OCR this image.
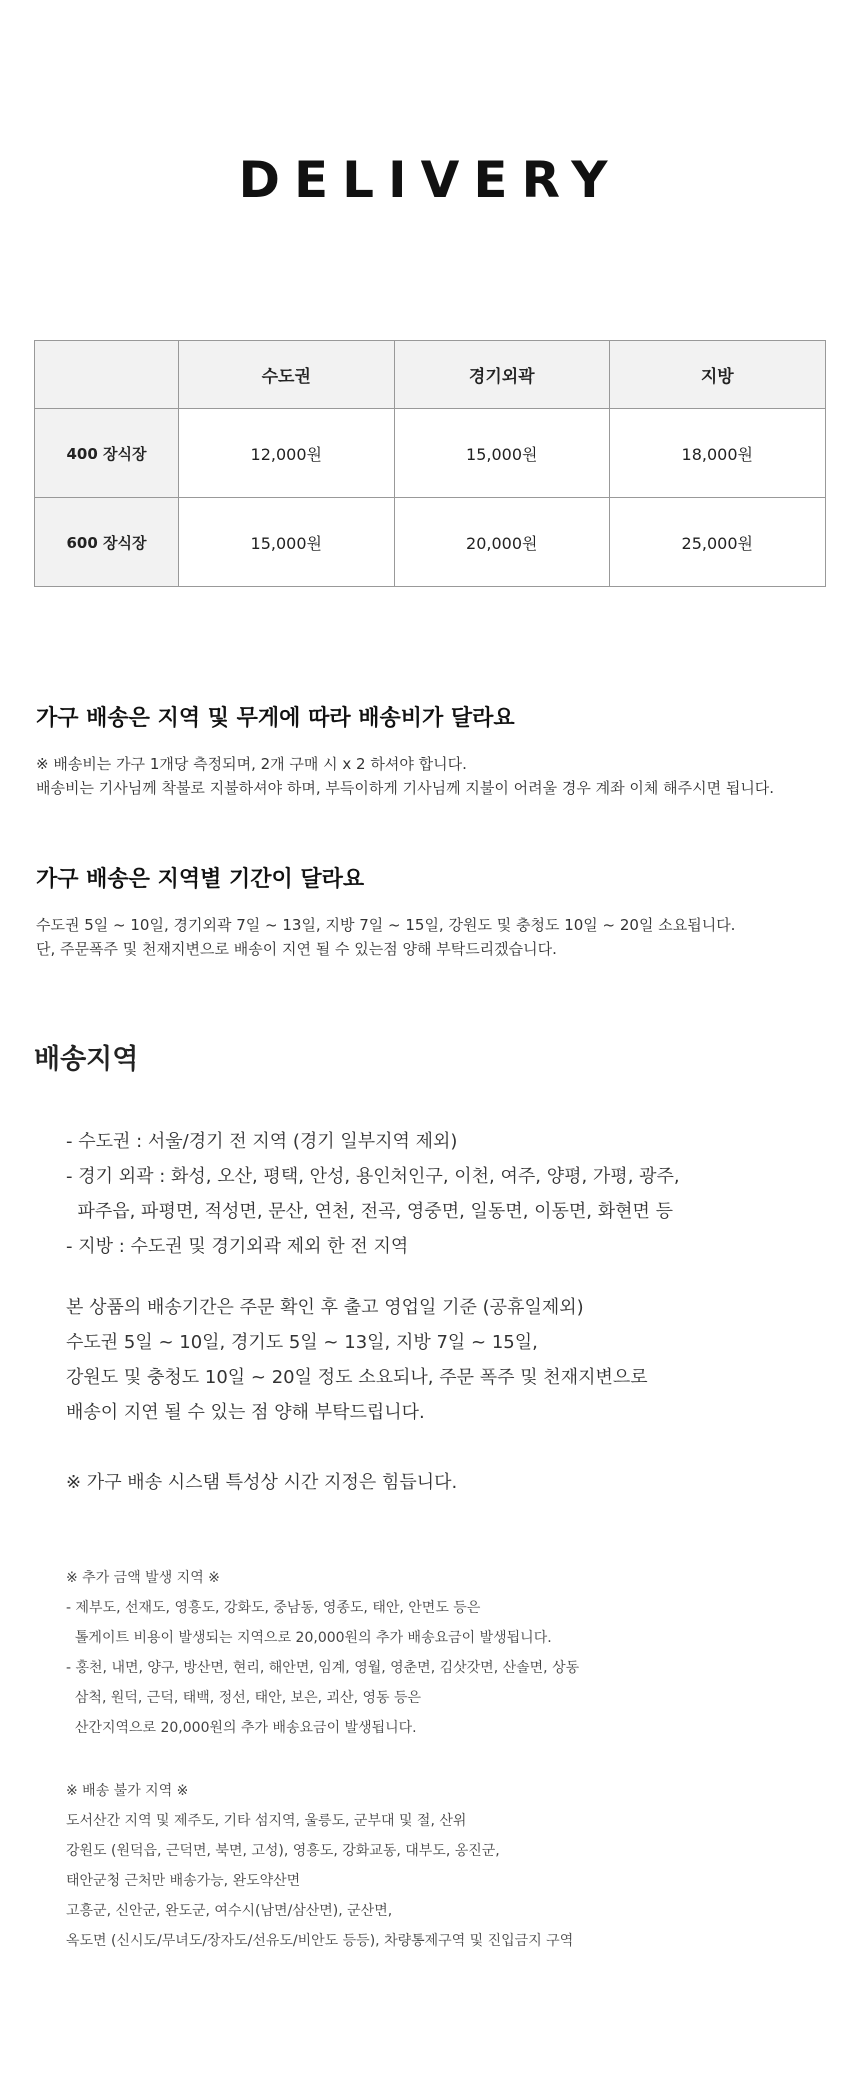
DELIVERY
	수도권	경기외곽	지방
400 장식장	12,000원	15,000원	18,000원
600 장식장	15,000원	20,000원	25,000원
가구 배송은 지역 및 무게에 따라 배송비가 달라요

※ 배송비는 가구 1개당 측정되며, 2개 구매 시 x 2 하셔야 합니다.
배송비는 기사님께 착불로 지불하셔야 하며, 부득이하게 기사님께 지불이 어려울 경우 계좌 이체 해주시면 됩니다.

가구 배송은 지역별 기간이 달라요

수도권 5일 ~ 10일, 경기외곽 7일 ~ 13일, 지방 7일 ~ 15일, 강원도 및 충청도 10일 ~ 20일 소요됩니다.
단, 주문폭주 및 천재지변으로 배송이 지연 될 수 있는점 양해 부탁드리겠습니다.

배송지역
- 수도권 : 서울/경기 전 지역 (경기 일부지역 제외)
- 경기 외곽 : 화성, 오산, 평택, 안성, 용인처인구, 이천, 여주, 양평, 가평, 광주,
파주읍, 파평면, 적성면, 문산, 연천, 전곡, 영중면, 일동면, 이동면, 화현면 등
- 지방 : 수도권 및 경기외곽 제외 한 전 지역
본 상품의 배송기간은 주문 확인 후 출고 영업일 기준 (공휴일제외)
수도권 5일 ~ 10일, 경기도 5일 ~ 13일, 지방 7일 ~ 15일,
강원도 및 충청도 10일 ~ 20일 정도 소요되나, 주문 폭주 및 천재지변으로
배송이 지연 될 수 있는 점 양해 부탁드립니다.
※ 가구 배송 시스탬 특성상 시간 지정은 힘듭니다.
※ 추가 금액 발생 지역 ※
- 제부도, 선재도, 영흥도, 강화도, 중남동, 영종도, 태안, 안면도 등은
톨게이트 비용이 발생되는 지역으로 20,000원의 추가 배송요금이 발생됩니다.
- 홍천, 내면, 양구, 방산면, 현리, 해안면, 임계, 영월, 영춘면, 김삿갓면, 산솔면, 상동
삼척, 원덕, 근덕, 태백, 정선, 태안, 보은, 괴산, 영동 등은
산간지역으로 20,000원의 추가 배송요금이 발생됩니다.
※ 배송 불가 지역 ※
도서산간 지역 및 제주도, 기타 섬지역, 울릉도, 군부대 및 절, 산위
강원도 (원덕읍, 근덕면, 북면, 고성), 영흥도, 강화교동, 대부도, 옹진군,
태안군청 근처만 배송가능, 완도약산면
고흥군, 신안군, 완도군, 여수시(남면/삼산면), 군산면,
옥도면 (신시도/무녀도/장자도/선유도/비안도 등등), 차량통제구역 및 진입금지 구역
